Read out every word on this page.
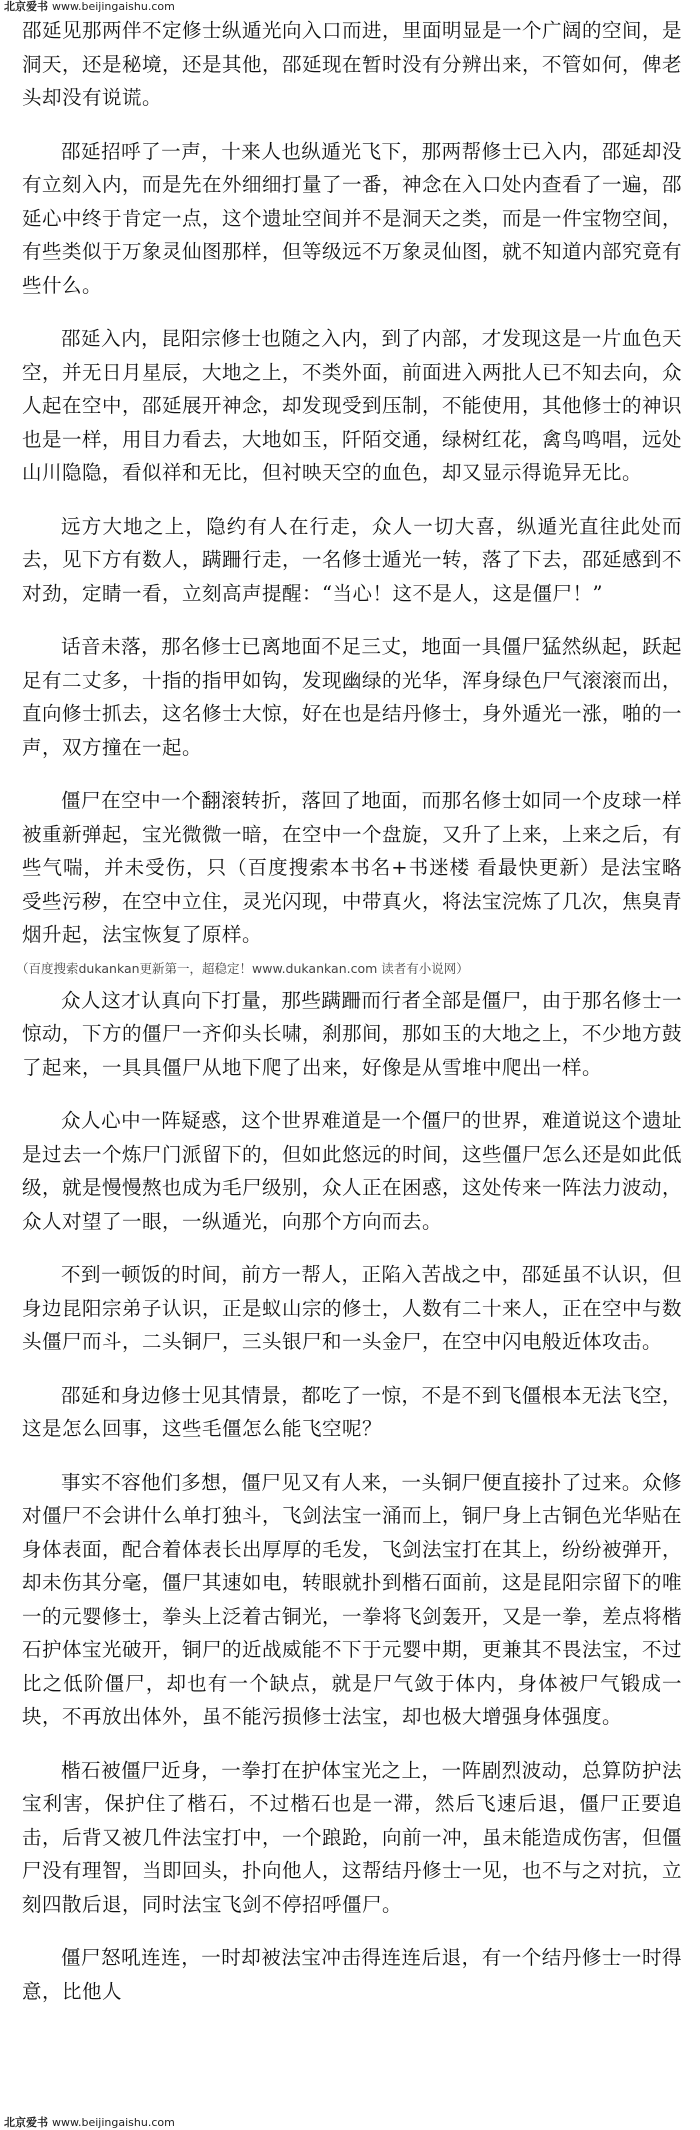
北京爱书 www.beijingaishu.com

邵延见那两伴不定修士纵遁光向入口而进，里面明显是一个广阔的空间，是洞天，还是秘境，还是其他，邵延现在暂时没有分辨出来，不管如何，俾老头却没有说谎。

邵延招呼了一声，十来人也纵遁光飞下，那两帮修士已入内，邵延却没有立刻入内，而是先在外细细打量了一番，神念在入口处内查看了一遍，邵延心中终于肯定一点，这个遗址空间并不是洞天之类，而是一件宝物空间，有些类似于万象灵仙图那样，但等级远不万象灵仙图，就不知道内部究竟有些什么。

邵延入内，昆阳宗修士也随之入内，到了内部，才发现这是一片血色天空，并无日月星辰，大地之上，不类外面，前面进入两批人已不知去向，众人起在空中，邵延展开神念，却发现受到压制，不能使用，其他修士的神识也是一样，用目力看去，大地如玉，阡陌交通，绿树红花，禽鸟鸣唱，远处山川隐隐，看似祥和无比，但衬映天空的血色，却又显示得诡异无比。

远方大地之上，隐约有人在行走，众人一切大喜，纵遁光直往此处而去，见下方有数人，蹒跚行走，一名修士遁光一转，落了下去，邵延感到不对劲，定睛一看，立刻高声提醒：“当心！这不是人，这是僵尸！”

话音未落，那名修士已离地面不足三丈，地面一具僵尸猛然纵起，跃起足有二丈多，十指的指甲如钩，发现幽绿的光华，浑身绿色尸气滚滚而出，直向修士抓去，这名修士大惊，好在也是结丹修士，身外遁光一涨，啪的一声，双方撞在一起。

僵尸在空中一个翻滚转折，落回了地面，而那名修士如同一个皮球一样被重新弹起，宝光微微一暗，在空中一个盘旋，又升了上来，上来之后，有些气喘，并未受伤，只（百度搜索本书名+书迷楼 看最快更新）是法宝略受些污秽，在空中立住，灵光闪现，中带真火，将法宝浣炼了几次，焦臭青烟升起，法宝恢复了原样。

（百度搜索dukankan更新第一，超稳定！www.dukankan.com 读者有小说网）

众人这才认真向下打量，那些蹒跚而行者全部是僵尸，由于那名修士一惊动，下方的僵尸一齐仰头长啸，刹那间，那如玉的大地之上，不少地方鼓了起来，一具具僵尸从地下爬了出来，好像是从雪堆中爬出一样。

众人心中一阵疑惑，这个世界难道是一个僵尸的世界，难道说这个遗址是过去一个炼尸门派留下的，但如此悠远的时间，这些僵尸怎么还是如此低级，就是慢慢熬也成为毛尸级别，众人正在困惑，这处传来一阵法力波动，众人对望了一眼，一纵遁光，向那个方向而去。

不到一顿饭的时间，前方一帮人，正陷入苦战之中，邵延虽不认识，但身边昆阳宗弟子认识，正是蚁山宗的修士，人数有二十来人，正在空中与数头僵尸而斗，二头铜尸，三头银尸和一头金尸，在空中闪电般近体攻击。

邵延和身边修士见其情景，都吃了一惊，不是不到飞僵根本无法飞空，这是怎么回事，这些毛僵怎么能飞空呢？

事实不容他们多想，僵尸见又有人来，一头铜尸便直接扑了过来。众修对僵尸不会讲什么单打独斗，飞剑法宝一涌而上，铜尸身上古铜色光华贴在身体表面，配合着体表长出厚厚的毛发，飞剑法宝打在其上，纷纷被弹开，却未伤其分毫，僵尸其速如电，转眼就扑到楷石面前，这是昆阳宗留下的唯一的元婴修士，拳头上泛着古铜光，一拳将飞剑轰开，又是一拳，差点将楷石护体宝光破开，铜尸的近战威能不下于元婴中期，更兼其不畏法宝，不过比之低阶僵尸，却也有一个缺点，就是尸气敛于体内，身体被尸气锻成一块，不再放出体外，虽不能污损修士法宝，却也极大增强身体强度。

楷石被僵尸近身，一拳打在护体宝光之上，一阵剧烈波动，总算防护法宝利害，保护住了楷石，不过楷石也是一滞，然后飞速后退，僵尸正要追击，后背又被几件法宝打中，一个踉跄，向前一冲，虽未能造成伤害，但僵尸没有理智，当即回头，扑向他人，这帮结丹修士一见，也不与之对抗，立刻四散后退，同时法宝飞剑不停招呼僵尸。

僵尸怒吼连连，一时却被法宝冲击得连连后退，有一个结丹修士一时得意，比他人

北京爱书 www.beijingaishu.com
